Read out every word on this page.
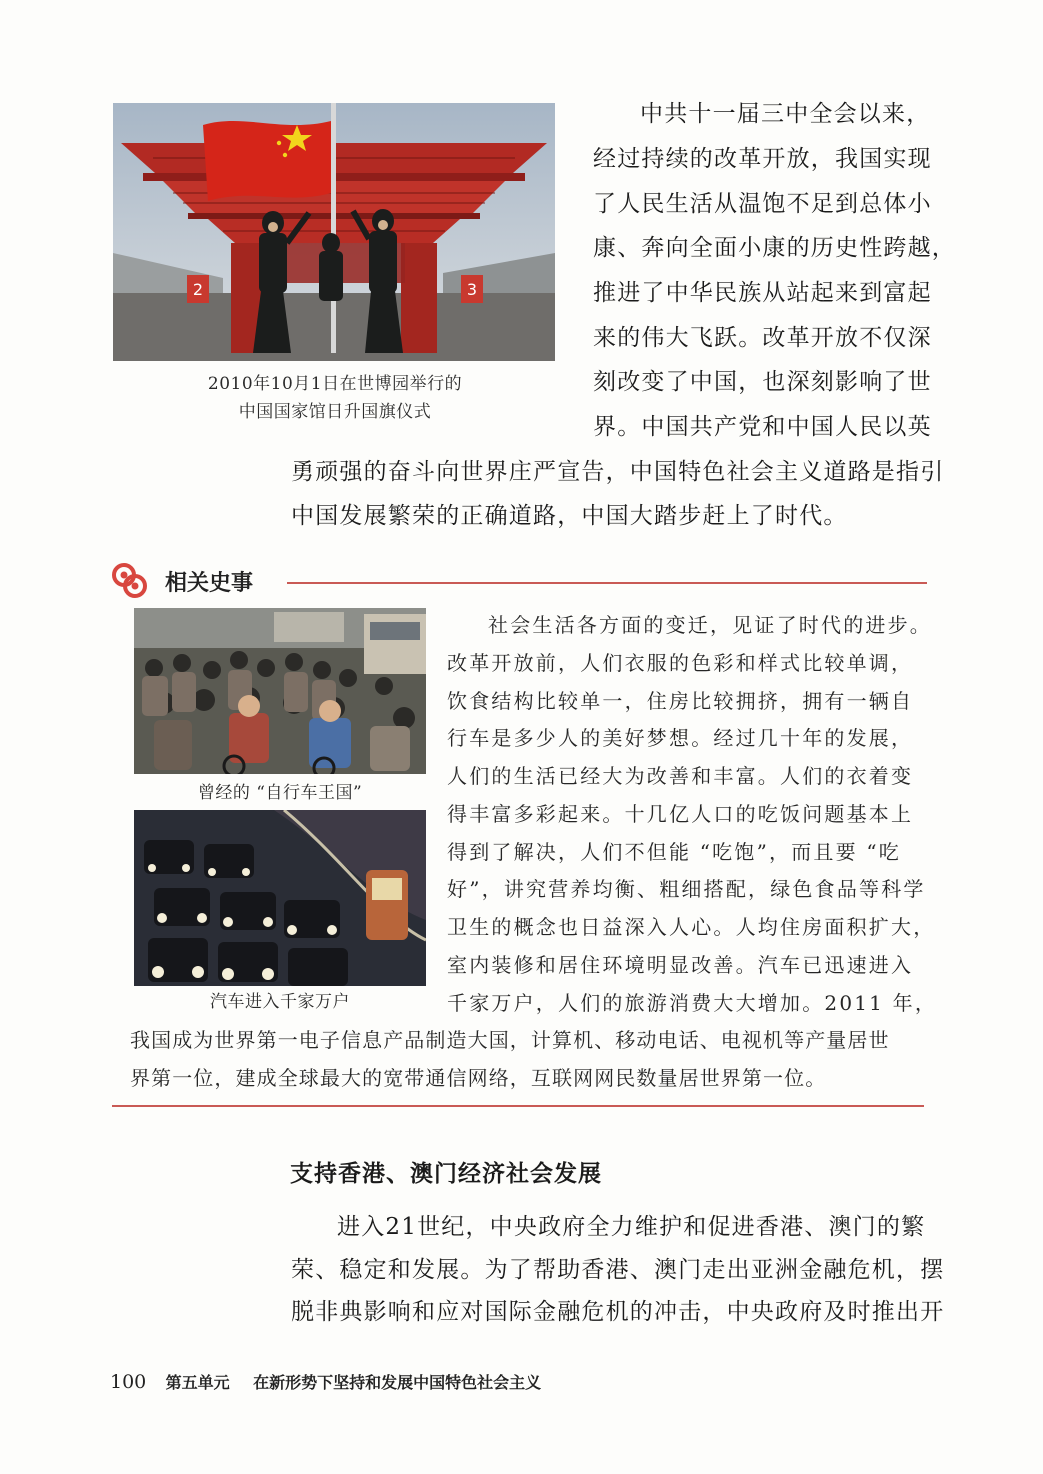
2	3
2010年10月1日在世博园举行的
中国国家馆日升国旗仪式
中共十一届三中全会以来，
经过持续的改革开放，我国实现
了人民生活从温饱不足到总体小
康、奔向全面小康的历史性跨越，
推进了中华民族从站起来到富起
来的伟大飞跃。改革开放不仅深
刻改变了中国，也深刻影响了世
界。中国共产党和中国人民以英
勇顽强的奋斗向世界庄严宣告，中国特色社会主义道路是指引
中国发展繁荣的正确道路，中国大踏步赶上了时代。
相关史事
曾经的 “自行车王国”
汽车进入千家万户
社会生活各方面的变迁，见证了时代的进步。
改革开放前，人们衣服的色彩和样式比较单调，
饮食结构比较单一，住房比较拥挤，拥有一辆自
行车是多少人的美好梦想。经过几十年的发展，
人们的生活已经大为改善和丰富。人们的衣着变
得丰富多彩起来。十几亿人口的吃饭问题基本上
得到了解决，人们不但能 “吃饱”，而且要 “吃
好”，讲究营养均衡、粗细搭配，绿色食品等科学
卫生的概念也日益深入人心。人均住房面积扩大，
室内装修和居住环境明显改善。汽车已迅速进入
千家万户，人们的旅游消费大大增加。2011 年，
我国成为世界第一电子信息产品制造大国，计算机、移动电话、电视机等产量居世
界第一位，建成全球最大的宽带通信网络，互联网网民数量居世界第一位。
支持香港、澳门经济社会发展
进入21世纪，中央政府全力维护和促进香港、澳门的繁
荣、稳定和发展。为了帮助香港、澳门走出亚洲金融危机，摆
脱非典影响和应对国际金融危机的冲击，中央政府及时推出开
100 第五单元 在新形势下坚持和发展中国特色社会主义
